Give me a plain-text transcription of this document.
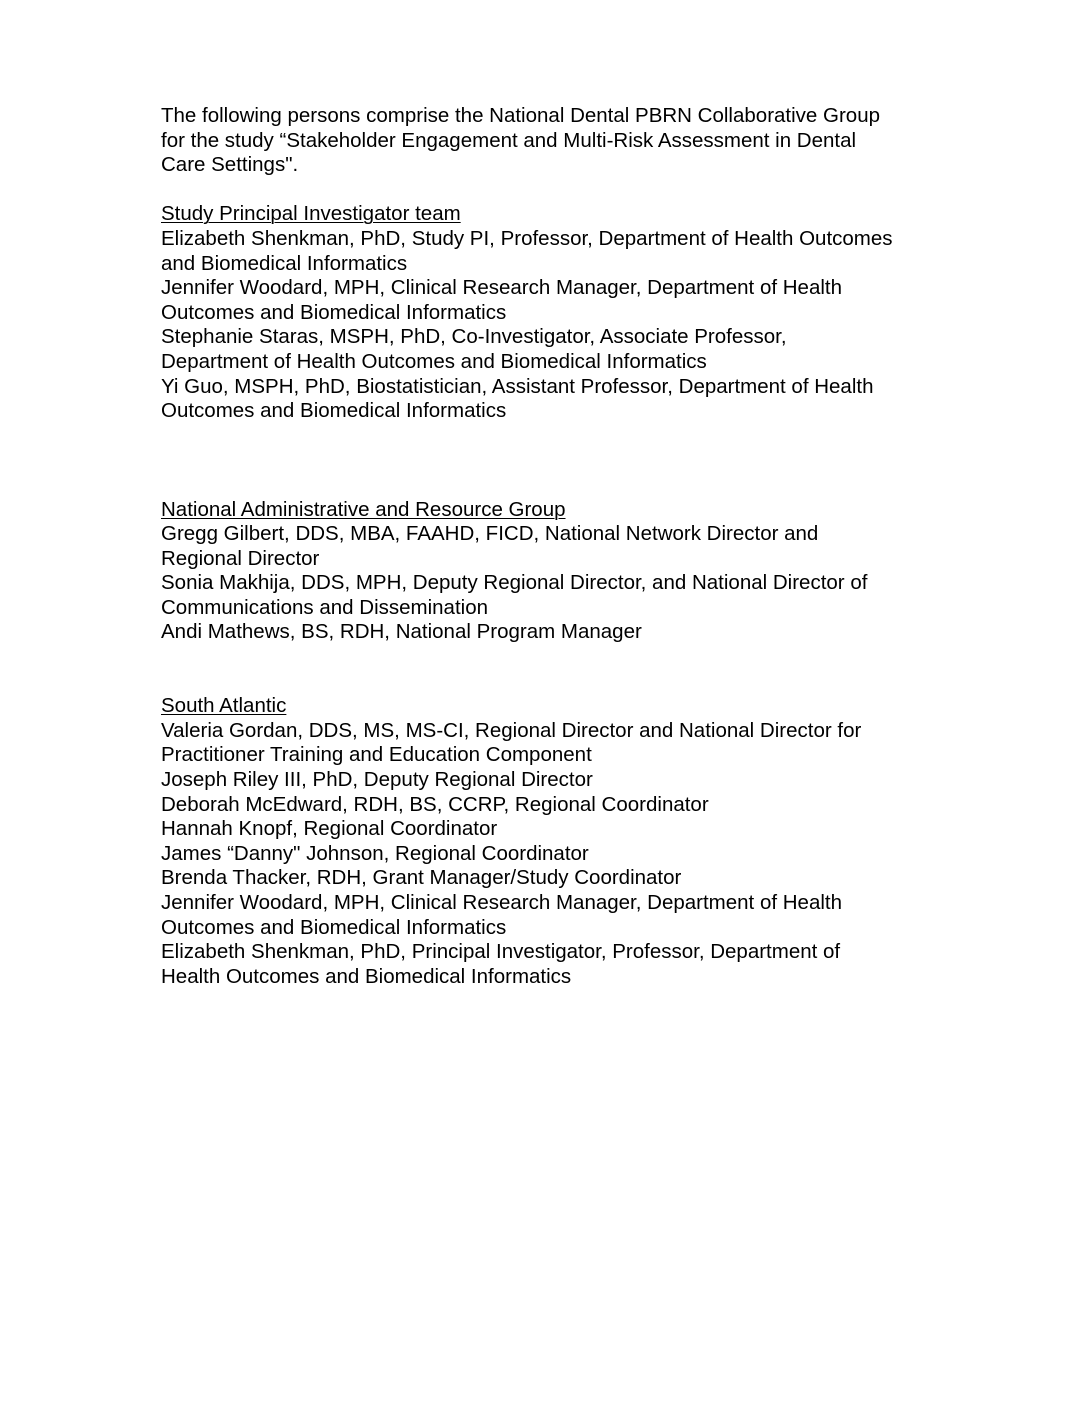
The following persons comprise the National Dental PBRN Collaborative Group

for the study “Stakeholder Engagement and Multi-Risk Assessment in Dental

Care Settings".

Study Principal Investigator team

Elizabeth Shenkman, PhD, Study PI, Professor, Department of Health Outcomes

and Biomedical Informatics

Jennifer Woodard, MPH, Clinical Research Manager, Department of Health

Outcomes and Biomedical Informatics

Stephanie Staras, MSPH, PhD, Co-Investigator, Associate Professor,

Department of Health Outcomes and Biomedical Informatics

Yi Guo, MSPH, PhD, Biostatistician, Assistant Professor, Department of Health

Outcomes and Biomedical Informatics

National Administrative and Resource Group

Gregg Gilbert, DDS, MBA, FAAHD, FICD, National Network Director and

Regional Director

Sonia Makhija, DDS, MPH, Deputy Regional Director, and National Director of

Communications and Dissemination

Andi Mathews, BS, RDH, National Program Manager

South Atlantic

Valeria Gordan, DDS, MS, MS-CI, Regional Director and National Director for

Practitioner Training and Education Component

Joseph Riley III, PhD, Deputy Regional Director

Deborah McEdward, RDH, BS, CCRP, Regional Coordinator

Hannah Knopf, Regional Coordinator

James “Danny" Johnson, Regional Coordinator

Brenda Thacker, RDH, Grant Manager/Study Coordinator

Jennifer Woodard, MPH, Clinical Research Manager, Department of Health

Outcomes and Biomedical Informatics

Elizabeth Shenkman, PhD, Principal Investigator, Professor, Department of

Health Outcomes and Biomedical Informatics
